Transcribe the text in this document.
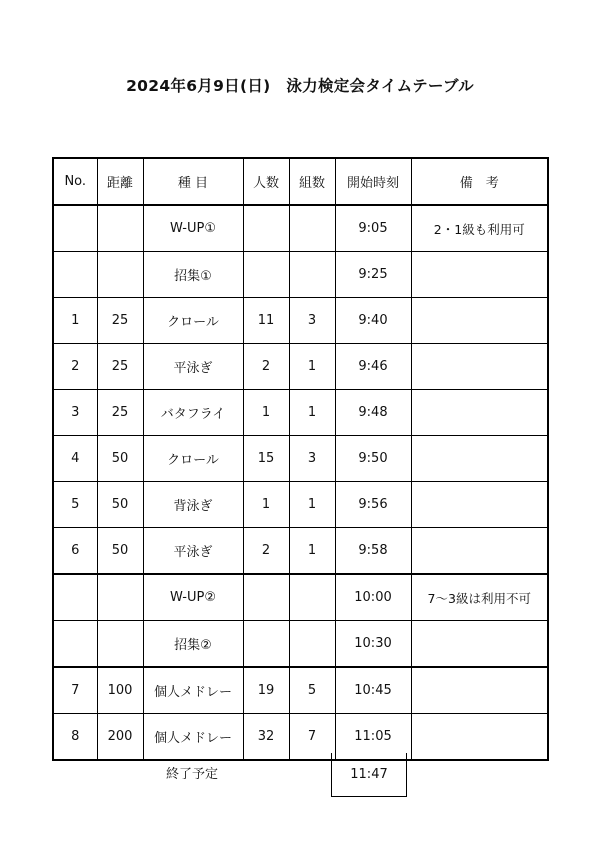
2024年6月9日(日)　泳力検定会タイムテーブル
No.	距離	種 目	人数	組数	開始時刻	備　考
		W-UP①			9:05	2・1級も利用可
		招集①			9:25	
1	25	クロール	11	3	9:40	
2	25	平泳ぎ	2	1	9:46	
3	25	バタフライ	1	1	9:48	
4	50	クロール	15	3	9:50	
5	50	背泳ぎ	1	1	9:56	
6	50	平泳ぎ	2	1	9:58	
		W-UP②			10:00	7～3級は利用不可
		招集②			10:30	
7	100	個人メドレー	19	5	10:45	
8	200	個人メドレー	32	7	11:05	
終了予定	11:47
